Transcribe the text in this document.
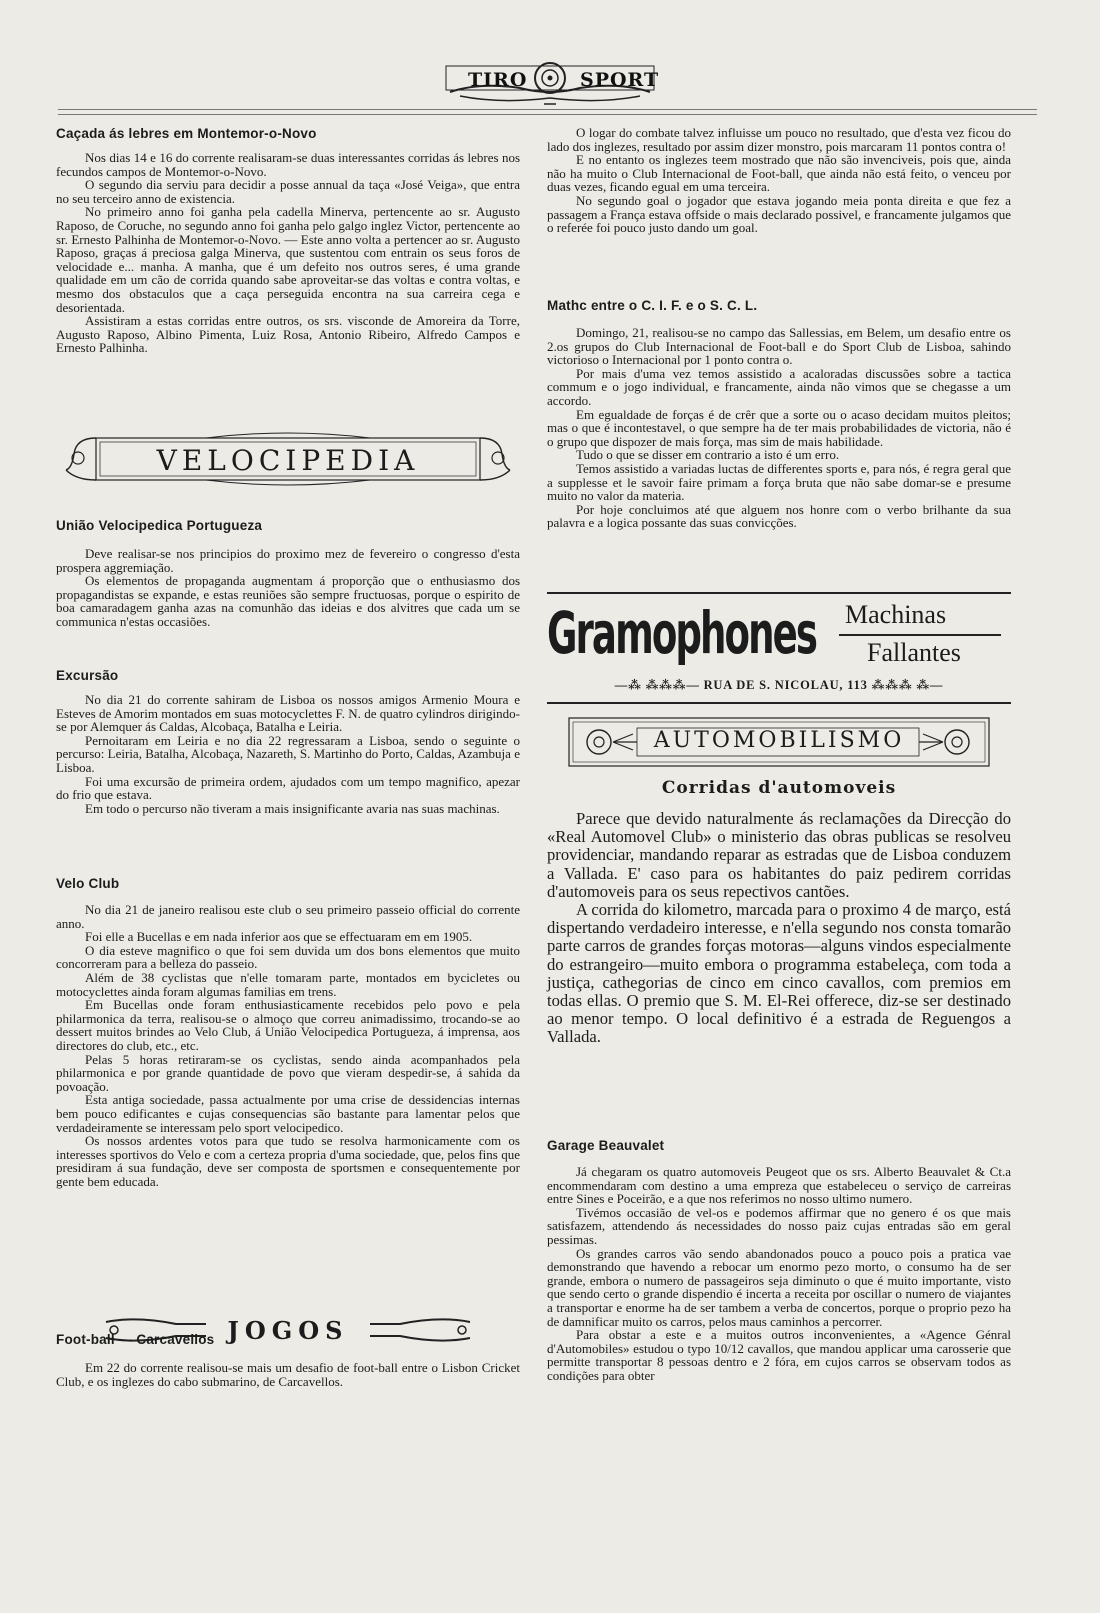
TIRO	SPORT
Caçada ás lebres em Montemor-o-Novo

Nos dias 14 e 16 do corrente realisaram-se duas interessantes corridas ás lebres nos fecundos campos de Montemor-o-Novo.

O segundo dia serviu para decidir a posse annual da taça «José Veiga», que entra no seu terceiro anno de existencia.

No primeiro anno foi ganha pela cadella Minerva, pertencente ao sr. Augusto Raposo, de Coruche, no segundo anno foi ganha pelo galgo inglez Victor, pertencente ao sr. Ernesto Palhinha de Montemor-o-Novo. — Este anno volta a pertencer ao sr. Augusto Raposo, graças á preciosa galga Minerva, que sustentou com entrain os seus foros de velocidade e... manha. A manha, que é um defeito nos outros seres, é uma grande qualidade em um cão de corrida quando sabe aproveitar-se das voltas e contra voltas, e mesmo dos obstaculos que a caça perseguida encontra na sua carreira cega e desorientada.

Assistiram a estas corridas entre outros, os srs. visconde de Amoreira da Torre, Augusto Raposo, Albino Pimenta, Luiz Rosa, Antonio Ribeiro, Alfredo Campos e Ernesto Palhinha.

VELOCIPEDIA
União Velocipedica Portugueza

Deve realisar-se nos principios do proximo mez de fevereiro o congresso d'esta prospera aggremiação.

Os elementos de propaganda augmentam á proporção que o enthusiasmo dos propagandistas se expande, e estas reuniões são sempre fructuosas, porque o espirito de boa camaradagem ganha azas na comunhão das ideias e dos alvitres que cada um se communica n'estas occasiões.

Excursão

No dia 21 do corrente sahiram de Lisboa os nossos amigos Armenio Moura e Esteves de Amorim montados em suas motocyclettes F. N. de quatro cylindros dirigindo-se por Alemquer ás Caldas, Alcobaça, Batalha e Leiria.

Pernoitaram em Leiria e no dia 22 regressaram a Lisboa, sendo o seguinte o percurso: Leiria, Batalha, Alcobaça, Nazareth, S. Martinho do Porto, Caldas, Azambuja e Lisboa.

Foi uma excursão de primeira ordem, ajudados com um tempo magnifico, apezar do frio que estava.

Em todo o percurso não tiveram a mais insignificante avaria nas suas machinas.

Velo Club

No dia 21 de janeiro realisou este club o seu primeiro passeio official do corrente anno.

Foi elle a Bucellas e em nada inferior aos que se effectuaram em em 1905.

O dia esteve magnifico o que foi sem duvida um dos bons elementos que muito concorreram para a belleza do passeio.

Além de 38 cyclistas que n'elle tomaram parte, montados em bycicletes ou motocyclettes ainda foram algumas familias em trens.

Em Bucellas onde foram enthusiasticamente recebidos pelo povo e pela philarmonica da terra, realisou-se o almoço que correu animadissimo, trocando-se ao dessert muitos brindes ao Velo Club, á União Velocipedica Portugueza, á imprensa, aos directores do club, etc., etc.

Pelas 5 horas retiraram-se os cyclistas, sendo ainda acompanhados pela philarmonica e por grande quantidade de povo que vieram despedir-se, á sahida da povoação.

Esta antiga sociedade, passa actualmente por uma crise de dessidencias internas bem pouco edificantes e cujas consequencias são bastante para lamentar pelos que verdadeiramente se interessam pelo sport velocipedico.

Os nossos ardentes votos para que tudo se resolva harmonicamente com os interesses sportivos do Velo e com a certeza propria d'uma sociedade, que, pelos fins que presidiram á sua fundação, deve ser composta de sportsmen e consequentemente por gente bem educada.

JOGOS
Foot-ball — Carcavellos

Em 22 do corrente realisou-se mais um desafio de foot-ball entre o Lisbon Cricket Club, e os inglezes do cabo submarino, de Carcavellos.

O logar do combate talvez influisse um pouco no resultado, que d'esta vez ficou do lado dos inglezes, resultado por assim dizer monstro, pois marcaram 11 pontos contra o!

E no entanto os inglezes teem mostrado que não são invenciveis, pois que, ainda não ha muito o Club Internacional de Foot-ball, que ainda não está feito, o venceu por duas vezes, ficando egual em uma terceira.

No segundo goal o jogador que estava jogando meia ponta direita e que fez a passagem a França estava offside o mais declarado possivel, e francamente julgamos que o referée foi pouco justo dando um goal.

Mathc entre o C. I. F. e o S. C. L.

Domingo, 21, realisou-se no campo das Sallessias, em Belem, um desafio entre os 2.os grupos do Club Internacional de Foot-ball e do Sport Club de Lisboa, sahindo victorioso o Internacional por 1 ponto contra o.

Por mais d'uma vez temos assistido a acaloradas discussões sobre a tactica commum e o jogo individual, e francamente, ainda não vimos que se chegasse a um accordo.

Em egualdade de forças é de crêr que a sorte ou o acaso decidam muitos pleitos; mas o que é incontestavel, o que sempre ha de ter mais probabilidades de victoria, não é o grupo que dispozer de mais força, mas sim de mais habilidade.

Tudo o que se disser em contrario a isto é um erro.

Temos assistido a variadas luctas de differentes sports e, para nós, é regra geral que a supplesse et le savoir faire primam a força bruta que não sabe domar-se e presume muito no valor da materia.

Por hoje concluimos até que alguem nos honre com o verbo brilhante da sua palavra e a logica possante das suas convicções.

Gramophones Machinas
Fallantes
—⁂ ⁂⁂⁂— RUA DE S. NICOLAU, 113 ⁂⁂⁂ ⁂—
AUTOMOBILISMO
Corridas d'automoveis

Parece que devido naturalmente ás reclamações da Direcção do «Real Automovel Club» o ministerio das obras publicas se resolveu providenciar, mandando reparar as estradas que de Lisboa conduzem a Vallada. E' caso para os habitantes do paiz pedirem corridas d'automoveis para os seus repectivos cantões.

A corrida do kilometro, marcada para o proximo 4 de março, está dispertando verdadeiro interesse, e n'ella segundo nos consta tomarão parte carros de grandes forças motoras—alguns vindos especialmente do estrangeiro—muito embora o programma estabeleça, com toda a justiça, cathegorias de cinco em cinco cavallos, com premios em todas ellas. O premio que S. M. El-Rei offerece, diz-se ser destinado ao menor tempo. O local definitivo é a estrada de Reguengos a Vallada.

Garage Beauvalet

Já chegaram os quatro automoveis Peugeot que os srs. Alberto Beauvalet & Ct.a encommendaram com destino a uma empreza que estabeleceu o serviço de carreiras entre Sines e Poceirão, e a que nos referimos no nosso ultimo numero.

Tivémos occasião de vel-os e podemos affirmar que no genero é os que mais satisfazem, attendendo ás necessidades do nosso paiz cujas entradas são em geral pessimas.

Os grandes carros vão sendo abandonados pouco a pouco pois a pratica vae demonstrando que havendo a rebocar um enormo pezo morto, o consumo ha de ser grande, embora o numero de passageiros seja diminuto o que é muito importante, visto que sendo certo o grande dispendio é incerta a receita por oscillar o numero de viajantes a transportar e enorme ha de ser tambem a verba de concertos, porque o proprio pezo ha de damnificar muito os carros, pelos maus caminhos a percorrer.

Para obstar a este e a muitos outros inconvenientes, a «Agence Génral d'Automobiles» estudou o typo 10/12 cavallos, que mandou applicar uma carosserie que permitte transportar 8 pessoas dentro e 2 fóra, em cujos carros se observam todos as condições para obter
